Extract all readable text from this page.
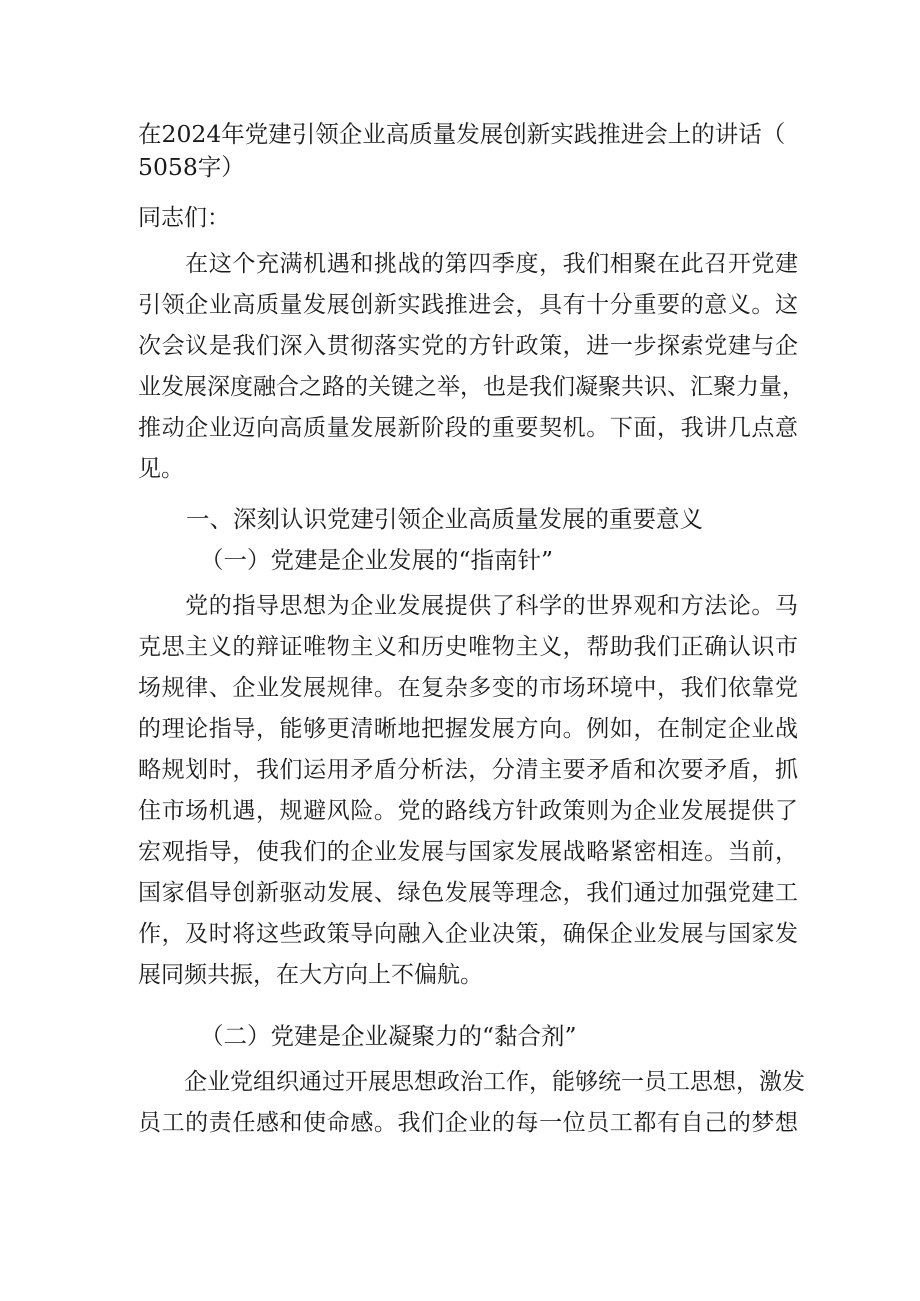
在2024年党建引领企业高质量发展创新实践推进会上的讲话（
5058字）
同志们：
　　在这个充满机遇和挑战的第四季度，我们相聚在此召开党建
引领企业高质量发展创新实践推进会，具有十分重要的意义。这
次会议是我们深入贯彻落实党的方针政策，进一步探索党建与企
业发展深度融合之路的关键之举，也是我们凝聚共识、汇聚力量，
推动企业迈向高质量发展新阶段的重要契机。下面，我讲几点意
见。
一、深刻认识党建引领企业高质量发展的重要意义
（一）党建是企业发展的“指南针”
　　党的指导思想为企业发展提供了科学的世界观和方法论。马
克思主义的辩证唯物主义和历史唯物主义，帮助我们正确认识市
场规律、企业发展规律。在复杂多变的市场环境中，我们依靠党
的理论指导，能够更清晰地把握发展方向。例如，在制定企业战
略规划时，我们运用矛盾分析法，分清主要矛盾和次要矛盾，抓
住市场机遇，规避风险。党的路线方针政策则为企业发展提供了
宏观指导，使我们的企业发展与国家发展战略紧密相连。当前，
国家倡导创新驱动发展、绿色发展等理念，我们通过加强党建工
作，及时将这些政策导向融入企业决策，确保企业发展与国家发
展同频共振，在大方向上不偏航。
（二）党建是企业凝聚力的“黏合剂”
　　企业党组织通过开展思想政治工作，能够统一员工思想，激发
员工的责任感和使命感。我们企业的每一位员工都有自己的梦想
